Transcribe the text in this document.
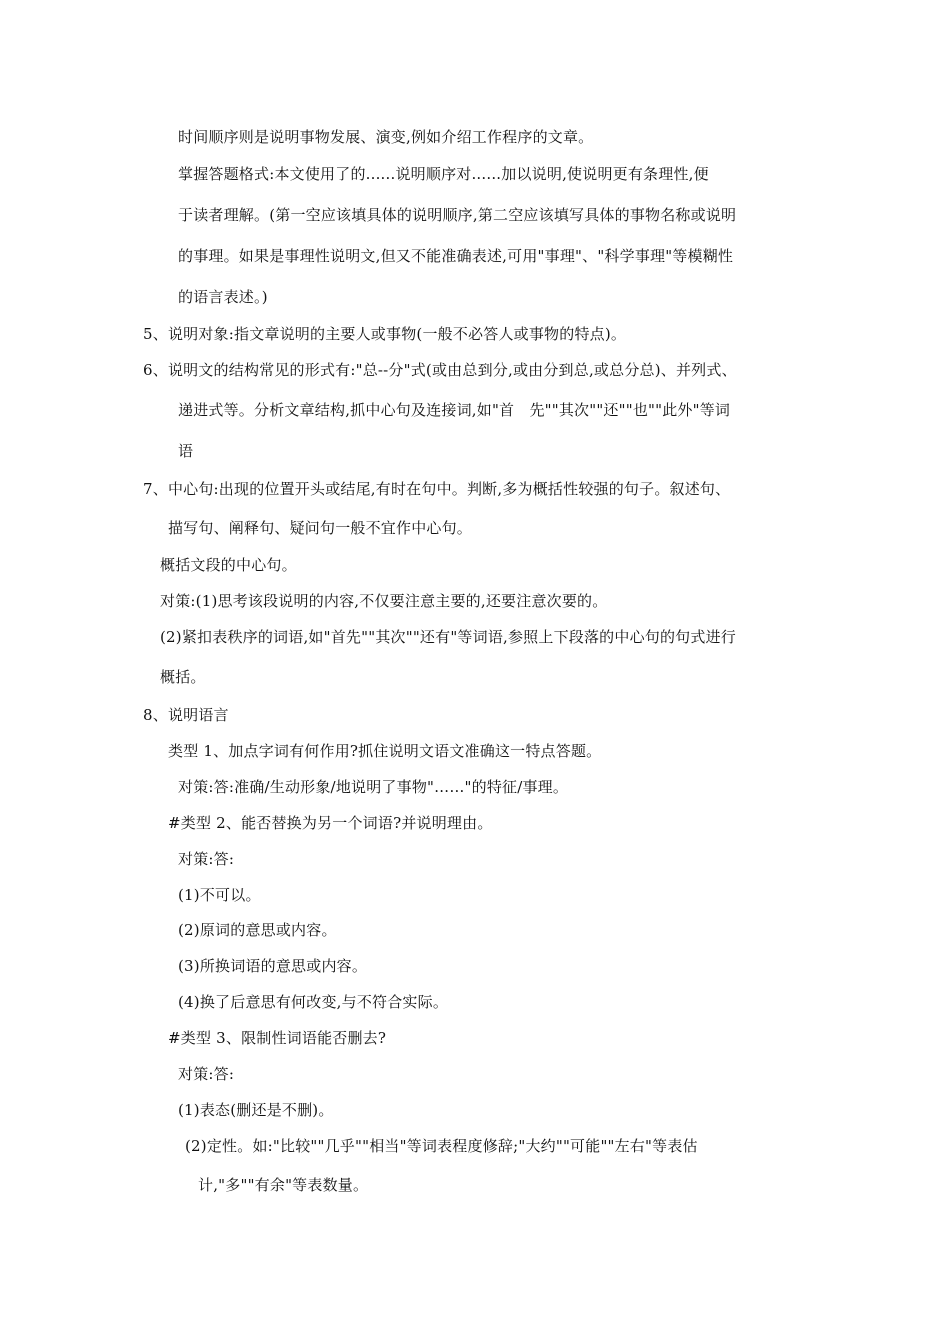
时间顺序则是说明事物发展、演变,例如介绍工作程序的文章。
掌握答题格式:本文使用了的......说明顺序对......加以说明,使说明更有条理性,便
于读者理解。(第一空应该填具体的说明顺序,第二空应该填写具体的事物名称或说明
的事理。如果是事理性说明文,但又不能准确表述,可用"事理"、"科学事理"等模糊性
的语言表述。)
5、说明对象:指文章说明的主要人或事物(一般不必答人或事物的特点)。
6、说明文的结构常见的形式有:"总--分"式(或由总到分,或由分到总,或总分总)、并列式、
递进式等。分析文章结构,抓中心句及连接词,如"首　先""其次""还""也""此外"等词
语
7、中心句:出现的位置开头或结尾,有时在句中。判断,多为概括性较强的句子。叙述句、
描写句、阐释句、疑问句一般不宜作中心句。
概括文段的中心句。
对策:(1)思考该段说明的内容,不仅要注意主要的,还要注意次要的。
(2)紧扣表秩序的词语,如"首先""其次""还有"等词语,参照上下段落的中心句的句式进行
概括。
8、说明语言
类型 1、加点字词有何作用?抓住说明文语文准确这一特点答题。
对策:答:准确/生动形象/地说明了事物"……"的特征/事理。
#类型 2、能否替换为另一个词语?并说明理由。
对策:答:
(1)不可以。
(2)原词的意思或内容。
(3)所换词语的意思或内容。
(4)换了后意思有何改变,与不符合实际。
#类型 3、限制性词语能否删去?
对策:答:
(1)表态(删还是不删)。
(2)定性。如:"比较""几乎""相当"等词表程度修辞;"大约""可能""左右"等表估
计,"多""有余"等表数量。
